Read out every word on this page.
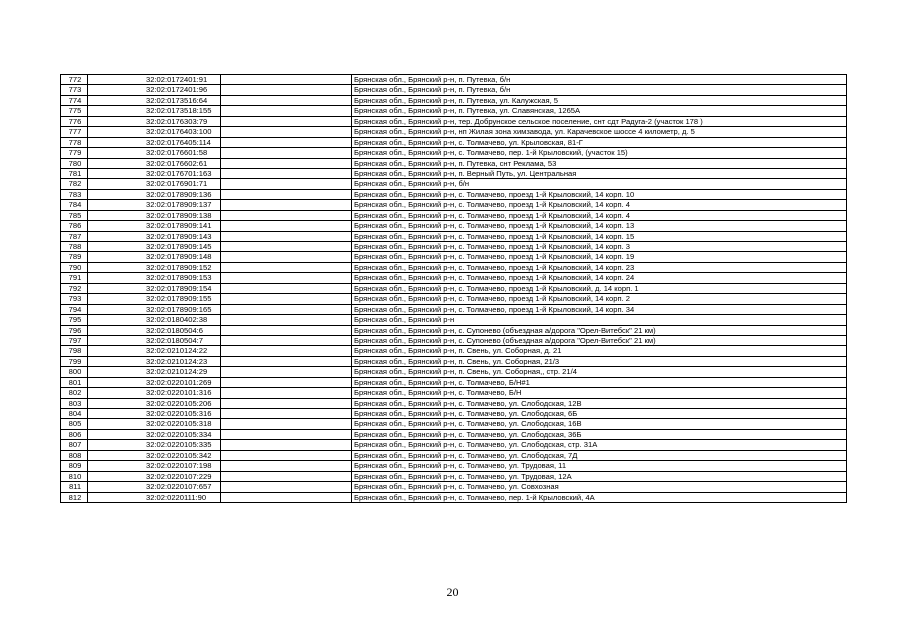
772	32:02:0172401:91		Брянская обл., Брянский р-н, п. Путевка, б/н
773	32:02:0172401:96		Брянская обл., Брянский р-н, п. Путевка, б/н
774	32:02:0173516:64		Брянская обл., Брянский р-н, п. Путевка, ул. Калужская, 5
775	32:02:0173518:155		Брянская обл., Брянский р-н, п. Путевка, ул. Славянская, 1265А
776	32:02:0176303:79		Брянская обл., Брянский р-н, тер. Добрунское сельское поселение, снт сдт Радуга-2 (участок 178 )
777	32:02:0176403:100		Брянская обл., Брянский р-н, нп Жилая зона химзавода, ул. Карачевское шоссе 4 километр, д. 5
778	32:02:0176405:114		Брянская обл., Брянский р-н, с. Толмачево, ул. Крыловская, 81-Г
779	32:02:0176601:58		Брянская обл., Брянский р-н, с. Толмачево, пер. 1-й Крыловский, (участок 15)
780	32:02:0176602:61		Брянская обл., Брянский р-н, п. Путевка, снт Реклама, 53
781	32:02:0176701:163		Брянская обл., Брянский р-н, п. Верный Путь, ул. Центральная
782	32:02:0176901:71		Брянская обл., Брянский р-н, б/н
783	32:02:0178909:136		Брянская обл., Брянский р-н, с. Толмачево, проезд 1-й Крыловский, 14 корп. 10
784	32:02:0178909:137		Брянская обл., Брянский р-н, с. Толмачево, проезд 1-й Крыловский, 14 корп. 4
785	32:02:0178909:138		Брянская обл., Брянский р-н, с. Толмачево, проезд 1-й Крыловский, 14 корп. 4
786	32:02:0178909:141		Брянская обл., Брянский р-н, с. Толмачево, проезд 1-й Крыловский, 14 корп. 13
787	32:02:0178909:143		Брянская обл., Брянский р-н, с. Толмачево, проезд 1-й Крыловский, 14 корп. 15
788	32:02:0178909:145		Брянская обл., Брянский р-н, с. Толмачево, проезд 1-й Крыловский, 14 корп. 3
789	32:02:0178909:148		Брянская обл., Брянский р-н, с. Толмачево, проезд 1-й Крыловский, 14 корп. 19
790	32:02:0178909:152		Брянская обл., Брянский р-н, с. Толмачево, проезд 1-й Крыловский, 14 корп. 23
791	32:02:0178909:153		Брянская обл., Брянский р-н, с. Толмачево, проезд 1-й Крыловский, 14 корп. 24
792	32:02:0178909:154		Брянская обл., Брянский р-н, с. Толмачево, проезд 1-й Крыловский, д. 14 корп. 1
793	32:02:0178909:155		Брянская обл., Брянский р-н, с. Толмачево, проезд 1-й Крыловский, 14 корп. 2
794	32:02:0178909:165		Брянская обл., Брянский р-н, с. Толмачево, проезд 1-й Крыловский, 14 корп. 34
795	32:02:0180402:38		Брянская обл., Брянский р-н
796	32:02:0180504:6		Брянская обл., Брянский р-н, с. Супонево (объездная а/дорога "Орел-Витебск" 21 км)
797	32:02:0180504:7		Брянская обл., Брянский р-н, с. Супонево (объездная а/дорога "Орел-Витебск" 21 км)
798	32:02:0210124:22		Брянская обл., Брянский р-н, п. Свень, ул. Соборная, д. 21
799	32:02:0210124:23		Брянская обл., Брянский р-н, п. Свень, ул. Соборная, 21/3
800	32:02:0210124:29		Брянская обл., Брянский р-н, п. Свень, ул. Соборная,, стр. 21/4
801	32:02:0220101:269		Брянская обл., Брянский р-н, с. Толмачево, Б/Н#1
802	32:02:0220101:316		Брянская обл., Брянский р-н, с. Толмачево, Б/Н
803	32:02:0220105:206		Брянская обл., Брянский р-н, с. Толмачево, ул. Слободская, 12В
804	32:02:0220105:316		Брянская обл., Брянский р-н, с. Толмачево, ул. Слободская, 6Б
805	32:02:0220105:318		Брянская обл., Брянский р-н, с. Толмачево, ул. Слободская, 16В
806	32:02:0220105:334		Брянская обл., Брянский р-н, с. Толмачево, ул. Слободская, 36Б
807	32:02:0220105:335		Брянская обл., Брянский р-н, с. Толмачево, ул. Слободская, стр. 31А
808	32:02:0220105:342		Брянская обл., Брянский р-н, с. Толмачево, ул. Слободская, 7Д
809	32:02:0220107:198		Брянская обл., Брянский р-н, с. Толмачево, ул. Трудовая, 11
810	32:02:0220107:229		Брянская обл., Брянский р-н, с. Толмачево, ул. Трудовая, 12А
811	32:02:0220107:657		Брянская обл., Брянский р-н, с. Толмачево, ул. Совхозная
812	32:02:0220111:90		Брянская обл., Брянский р-н, с. Толмачево, пер. 1-й Крыловский, 4А
20
